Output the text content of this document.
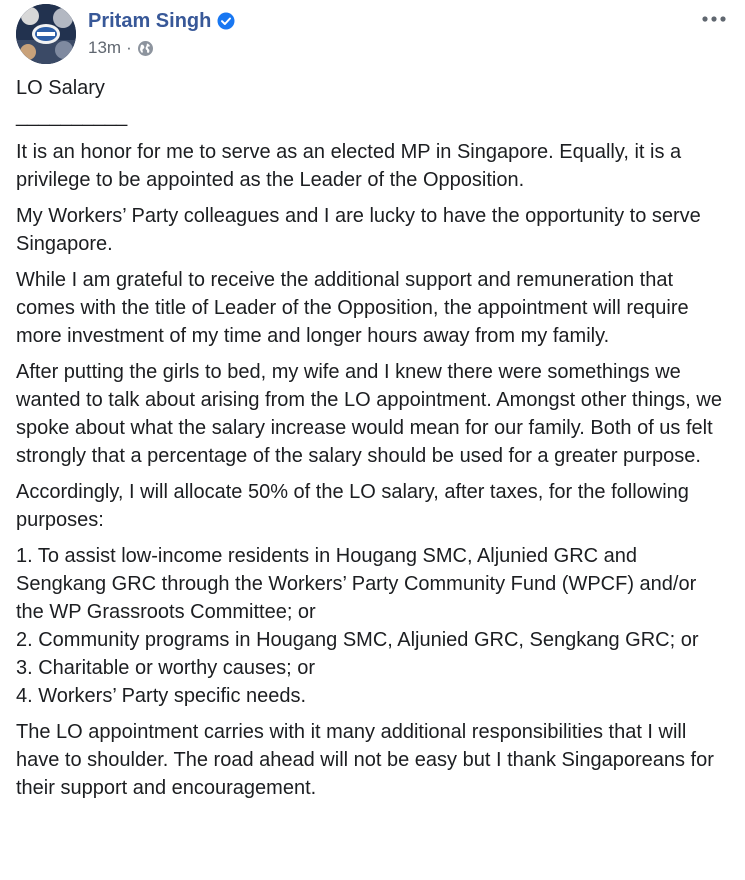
Pritam Singh
13m ·

LO Salary

__________

It is an honor for me to serve as an elected MP in Singapore. Equally, it is a privilege to be appointed as the Leader of the Opposition.

My Workers’ Party colleagues and I are lucky to have the opportunity to serve Singapore.

While I am grateful to receive the additional support and remuneration that comes with the title of Leader of the Opposition, the appointment will require more investment of my time and longer hours away from my family.

After putting the girls to bed, my wife and I knew there were somethings we wanted to talk about arising from the LO appointment. Amongst other things, we spoke about what the salary increase would mean for our family. Both of us felt strongly that a percentage of the salary should be used for a greater purpose.

Accordingly, I will allocate 50% of the LO salary, after taxes, for the following purposes:

1. To assist low-income residents in Hougang SMC, Aljunied GRC and Sengkang GRC through the Workers’ Party Community Fund (WPCF) and/or the WP Grassroots Committee; or
2. Community programs in Hougang SMC, Aljunied GRC, Sengkang GRC; or
3. Charitable or worthy causes; or
4. Workers’ Party specific needs.

The LO appointment carries with it many additional responsibilities that I will have to shoulder. The road ahead will not be easy but I thank Singaporeans for their support and encouragement.
